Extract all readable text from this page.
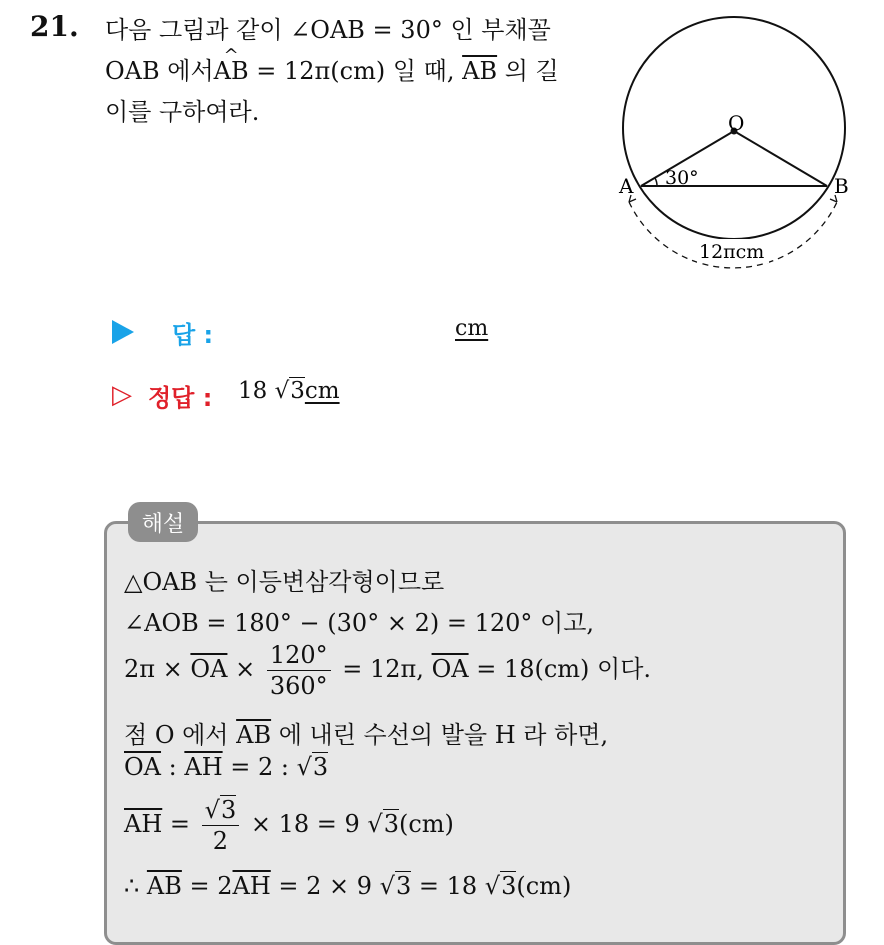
21. 다음 그림과 같이 ∠OAB = 30° 인 부채꼴
OAB 에서^ AB = 12π(cm) 일 때, $\overline{AB}$ 의 길
이를 구하여라.	O
A	B
30°
12πcm
답 :	cm
▷ 정답 : 18 √3cm
해설
△OAB 는 이등변삼각형이므로
∠AOB = 180° − (30° × 2) = 120° 이고,
$2\pi \times \overline{OA} \times \frac{120^\circ}{360^\circ} = 12\pi$, $\overline{OA} = 18(cm)$ 이다.
점 O 에서 $\overline{AB}$ 에 내린 수선의 발을 H 라 하면,
$\overline{OA}$ : $\overline{AH} = 2$ : √3
$\overline{AH} = \frac{√3}{2} \times 18 = 9$ √3(cm)
∴ $\overline{AB} = 2\overline{AH} = 2 \times 9$ √3 = 18 √3(cm)
